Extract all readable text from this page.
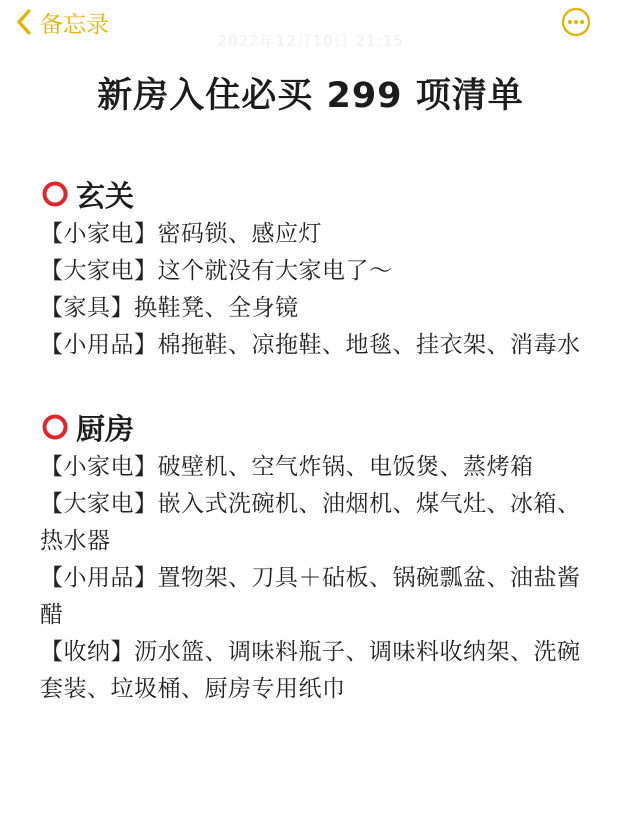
备忘录
2022年12月10日 21:15
新房入住必买 299 项清单
玄关
【小家电】密码锁、感应灯
【大家电】这个就没有大家电了～
【家具】换鞋凳、全身镜
【小用品】棉拖鞋、凉拖鞋、地毯、挂衣架、消毒水
厨房
【小家电】破壁机、空气炸锅、电饭煲、蒸烤箱
【大家电】嵌入式洗碗机、油烟机、煤气灶、冰箱、热水器
【小用品】置物架、刀具＋砧板、锅碗瓢盆、油盐酱醋
【收纳】沥水篮、调味料瓶子、调味料收纳架、洗碗套装、垃圾桶、厨房专用纸巾
